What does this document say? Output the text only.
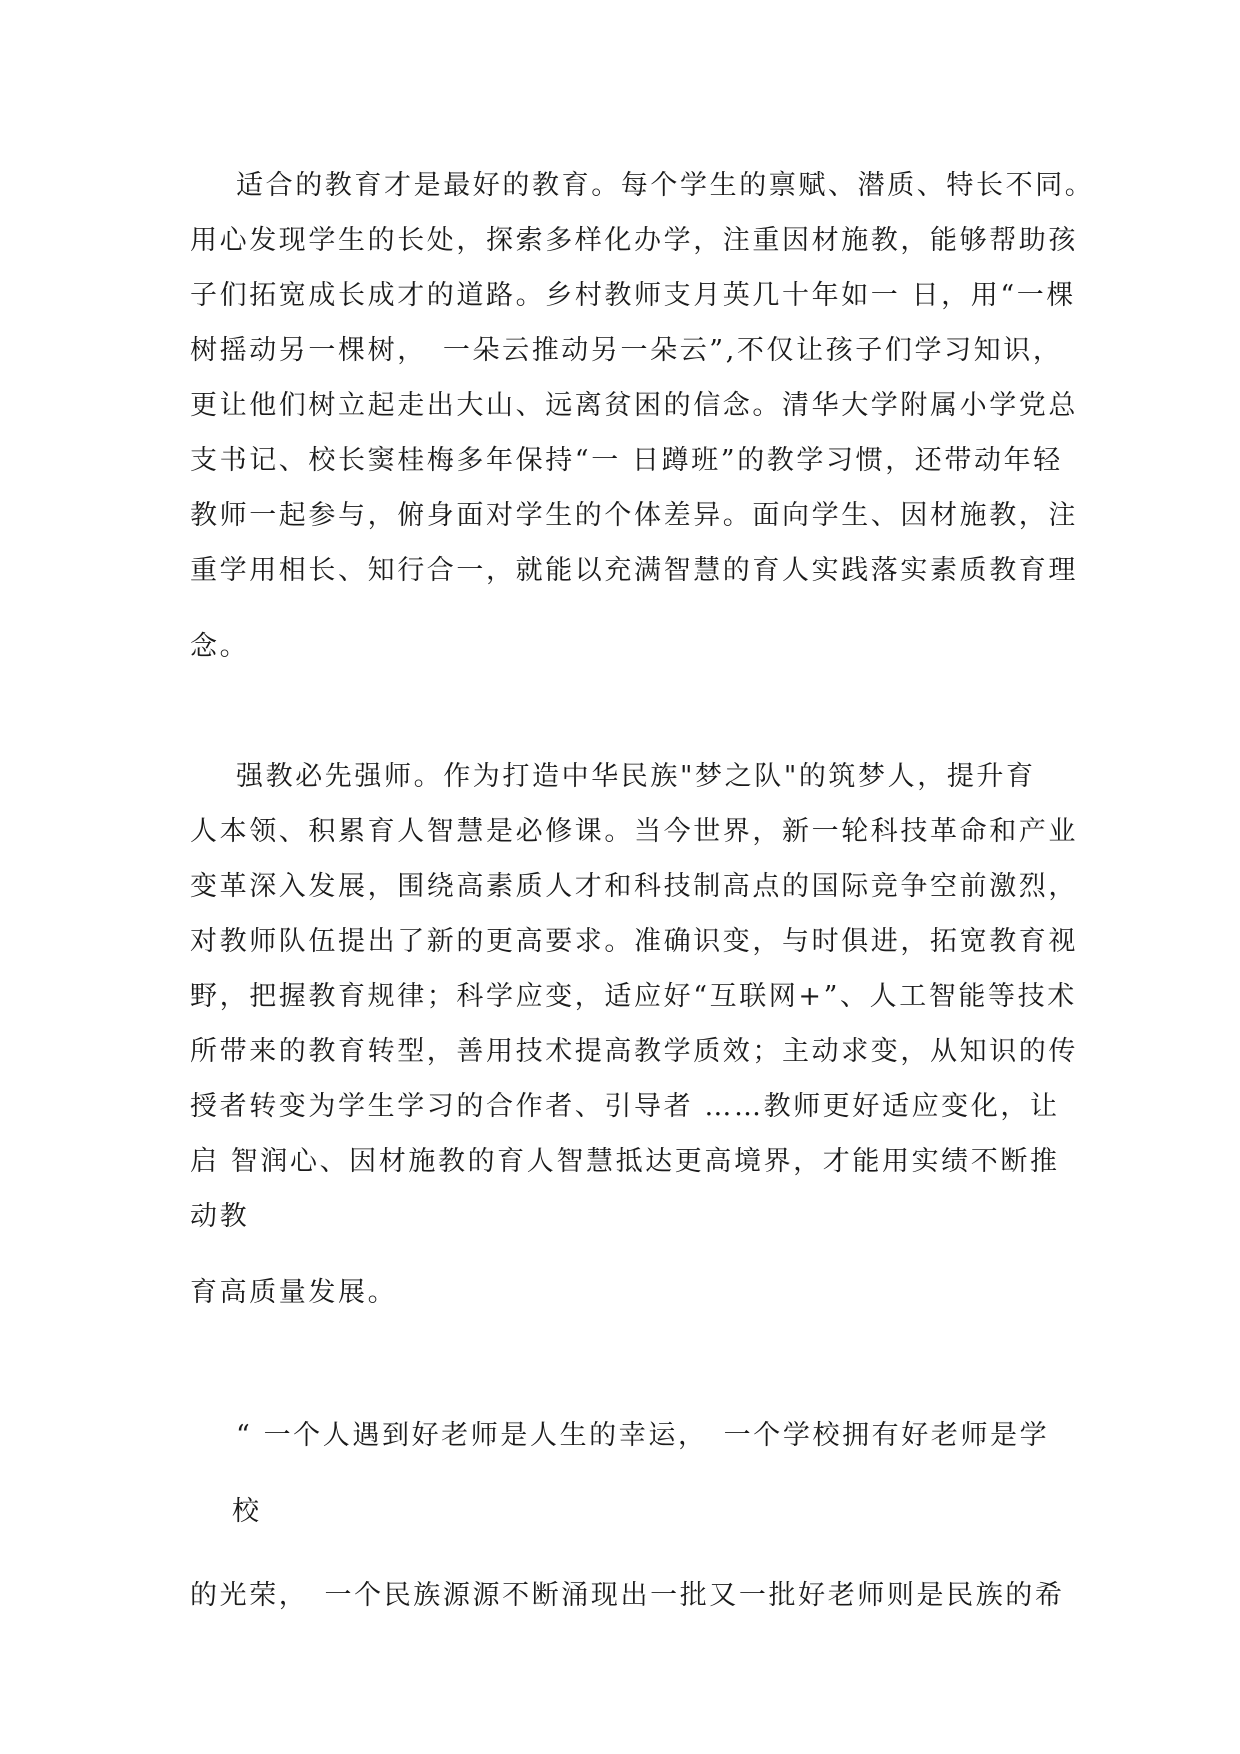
适合的教育才是最好的教育。每个学生的禀赋、潜质、特长不同。

用心发现学生的长处，探索多样化办学，注重因材施教，能够帮助孩

子们拓宽成长成才的道路。乡村教师支月英几十年如一 日，用“一棵

树摇动另一棵树，　一朵云推动另一朵云”,不仅让孩子们学习知识，

更让他们树立起走出大山、远离贫困的信念。清华大学附属小学党总

支书记、校长窦桂梅多年保持“一 日蹲班”的教学习惯，还带动年轻

教师一起参与，俯身面对学生的个体差异。面向学生、因材施教，注

重学用相长、知行合一，就能以充满智慧的育人实践落实素质教育理

念。

强教必先强师。作为打造中华民族"梦之队"的筑梦人，提升育

人本领、积累育人智慧是必修课。当今世界，新一轮科技革命和产业

变革深入发展，围绕高素质人才和科技制高点的国际竞争空前激烈，

对教师队伍提出了新的更高要求。准确识变，与时俱进，拓宽教育视

野，把握教育规律；科学应变，适应好“互联网+”、人工智能等技术

所带来的教育转型，善用技术提高教学质效；主动求变，从知识的传

授者转变为学生学习的合作者、引导者 ……教师更好适应变化，让

启 智润心、因材施教的育人智慧抵达更高境界，才能用实绩不断推

动教

育高质量发展。

“ 一个人遇到好老师是人生的幸运，　一个学校拥有好老师是学

校

的光荣，　一个民族源源不断涌现出一批又一批好老师则是民族的希
